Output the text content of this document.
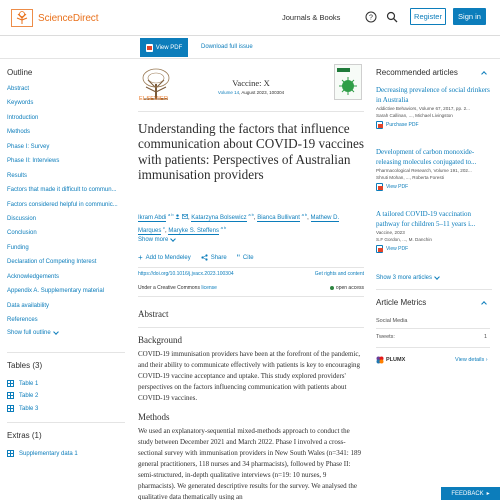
ScienceDirect	Journals & Books	?	Register	Sign in
View PDF	Download full issue
Outline
Abstract
Keywords
Introduction
Methods
Phase I: Survey
Phase II: Interviews
Results
Factors that made it difficult to commun...
Factors considered helpful in communic...
Discussion
Conclusion
Funding
Declaration of Competing Interest
Acknowledgements
Appendix A. Supplementary material
Data availability
References
Show full outline
Tables (3)
Table 1
Table 2
Table 3
Extras (1)
Supplementary data 1
ELSEVIER
Vaccine: X
Volume 14, August 2023, 100304
Understanding the factors that influence communication about COVID-19 vaccines with patients: Perspectives of Australian immunisation providers
Ikram Abdi $^{a b}$  , Katarzyna Bolsewicz $^{a b}$, Bianca Bullivant $^{a b}$, Mathew D. Marques $^c$, Maryke S. Steffens $^{a b}$
Show more
+ Add to Mendeley	Share " Cite
https://doi.org/10.1016/j.jvacx.2023.100304	Get rights and content
Under a Creative Commons license	open access
Abstract
Background

COVID-19 immunisation providers have been at the forefront of the pandemic, and their ability to communicate effectively with patients is key to encouraging COVID-19 vaccine acceptance and uptake. This study explored providers' perspectives on the factors influencing communication with patients about COVID-19 vaccines.

Methods

We used an explanatory-sequential mixed-methods approach to conduct the study between December 2021 and March 2022. Phase I involved a cross-sectional survey with immunisation providers in New South Wales (n=341: 189 general practitioners, 118 nurses and 34 pharmacists), followed by Phase II: semi-structured, in-depth qualitative interviews (n=19: 10 nurses, 9 pharmacists). We generated descriptive results for the survey. We analysed the qualitative data thematically using an

Recommended articles
Decreasing prevalence of social drinkers in Australia
Addictive Behaviors, Volume 67, 2017, pp. 2...
Sarah Callinan, ..., Michael Livingston
Purchase PDF
Development of carbon monoxide-releasing molecules conjugated to...
Pharmacological Research, Volume 191, 202...
Shruti Mohan, ..., Roberta Foresti
View PDF
A tailored COVID-19 vaccination pathway for children 5–11 years i...
Vaccine, 2023
S.F Gordon, ..., M. Danchin
View PDF
Show 3 more articles
Article Metrics
Social Media
Tweets:	1
PLUMX	View details ›
FEEDBACK ▸
